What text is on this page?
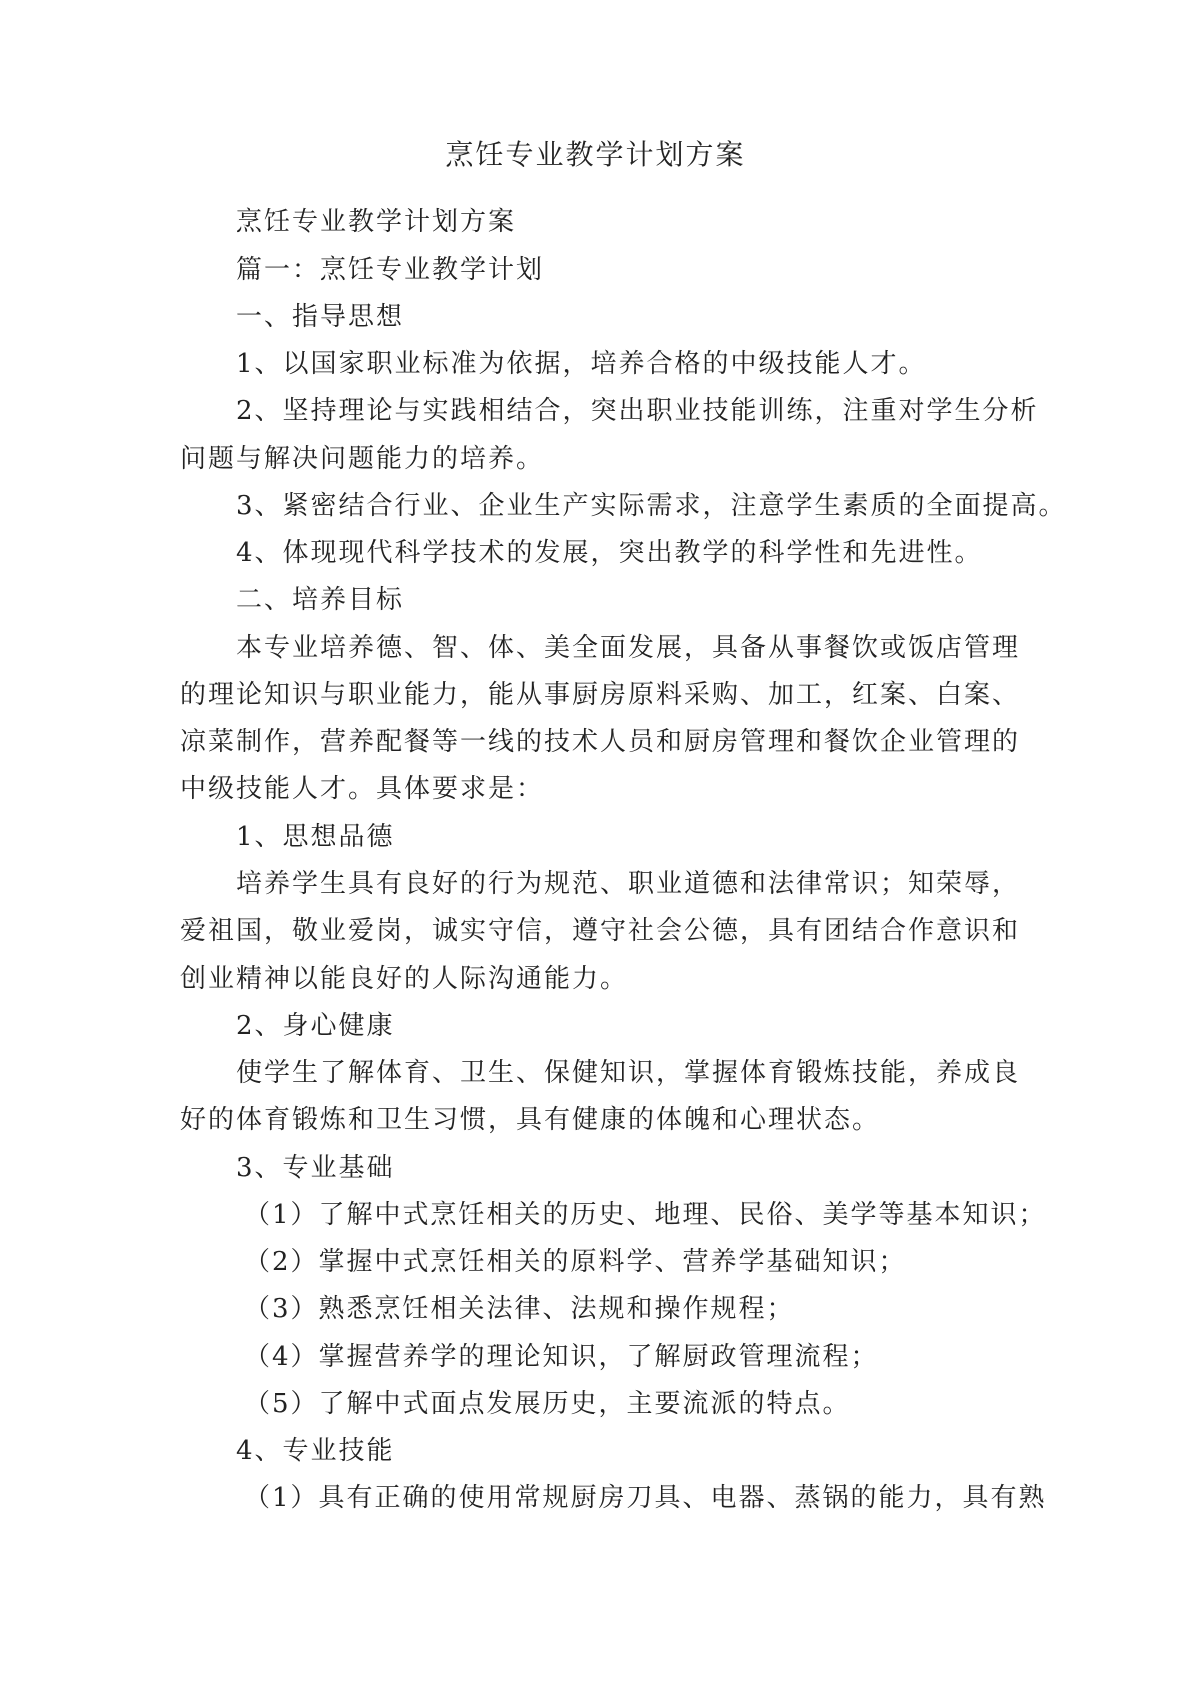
烹饪专业教学计划方案
烹饪专业教学计划方案
篇一：烹饪专业教学计划
一、指导思想
1、以国家职业标准为依据，培养合格的中级技能人才。
2、坚持理论与实践相结合，突出职业技能训练，注重对学生分析
问题与解决问题能力的培养。
3、紧密结合行业、企业生产实际需求，注意学生素质的全面提高。
4、体现现代科学技术的发展，突出教学的科学性和先进性。
二、培养目标
本专业培养德、智、体、美全面发展，具备从事餐饮或饭店管理
的理论知识与职业能力，能从事厨房原料采购、加工，红案、白案、
凉菜制作，营养配餐等一线的技术人员和厨房管理和餐饮企业管理的
中级技能人才。具体要求是：
1、思想品德
培养学生具有良好的行为规范、职业道德和法律常识；知荣辱，
爱祖国，敬业爱岗，诚实守信，遵守社会公德，具有团结合作意识和
创业精神以能良好的人际沟通能力。
2、身心健康
使学生了解体育、卫生、保健知识，掌握体育锻炼技能，养成良
好的体育锻炼和卫生习惯，具有健康的体魄和心理状态。
3、专业基础
（1）了解中式烹饪相关的历史、地理、民俗、美学等基本知识；
（2）掌握中式烹饪相关的原料学、营养学基础知识；
（3）熟悉烹饪相关法律、法规和操作规程；
（4）掌握营养学的理论知识，了解厨政管理流程；
（5）了解中式面点发展历史，主要流派的特点。
4、专业技能
（1）具有正确的使用常规厨房刀具、电器、蒸锅的能力，具有熟
